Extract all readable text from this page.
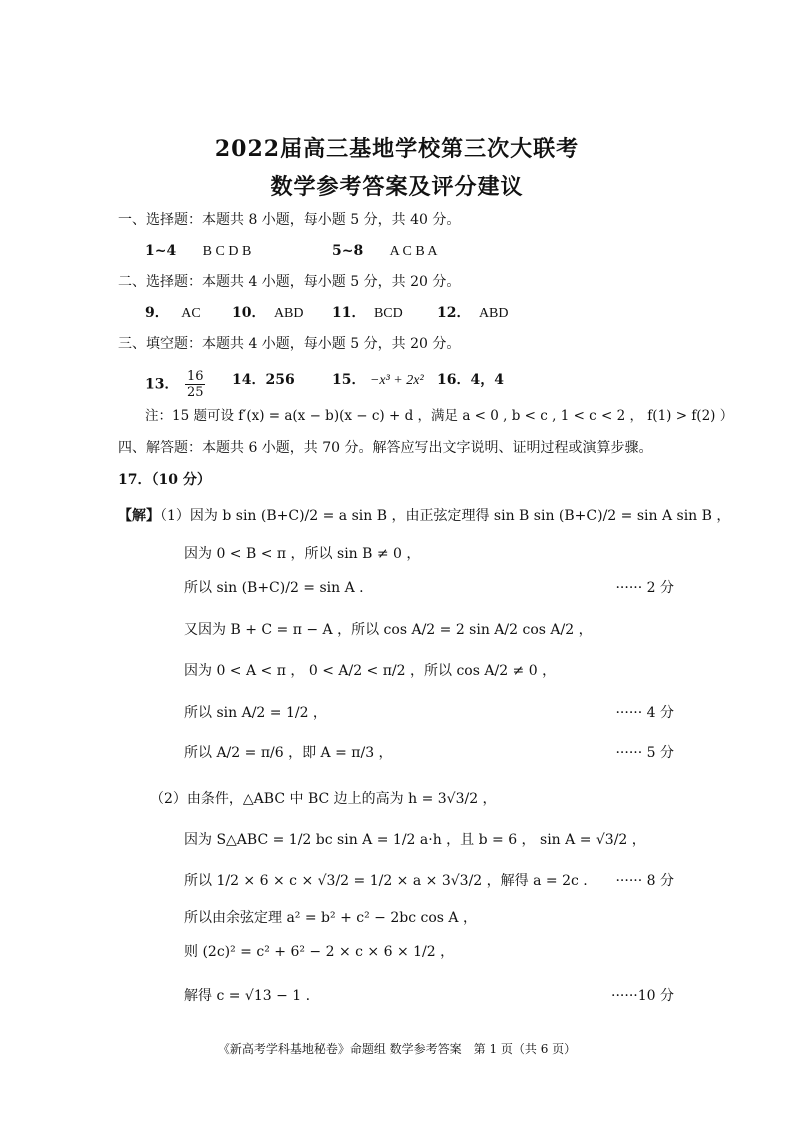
2022届高三基地学校第三次大联考
数学参考答案及评分建议
一、选择题：本题共 8 小题，每小题 5 分，共 40 分。
1~4 B C D B	5~8 A C B A
二、选择题：本题共 4 小题，每小题 5 分，共 20 分。
9． AC 10． ABD 11． BCD 12． ABD
三、填空题：本题共 4 小题，每小题 5 分，共 20 分。
13． $\frac{16}{25} 14$．256	15． −x³ + 2x² 16．4，4
注：15 题可设 f′(x) = a(x − b)(x − c) + d ，满足 a < 0 , b < c , 1 < c < 2 ， f(1) > f(2) ）
四、解答题：本题共 6 小题，共 70 分。解答应写出文字说明、证明过程或演算步骤。
17．（10 分）
【解】（1）因为 b sin (B+C)/2 = a sin B ，由正弦定理得 sin B sin (B+C)/2 = sin A sin B ，
因为 0 < B < π ，所以 sin B ≠ 0 ，
所以 sin (B+C)/2 = sin A .	······ 2 分
又因为 B + C = π − A ，所以 cos A/2 = 2 sin A/2 cos A/2 ，
因为 0 < A < π ， 0 < A/2 < π/2 ，所以 cos A/2 ≠ 0 ，
所以 sin A/2 = 1/2 ，	······ 4 分
所以 A/2 = π/6 ，即 A = π/3 ，	······ 5 分
（2）由条件，△ABC 中 BC 边上的高为 h = 3√3/2 ，
因为 S△ABC = 1/2 bc sin A = 1/2 a·h ，且 b = 6 ， sin A = √3/2 ，
所以 1/2 × 6 × c × √3/2 = 1/2 × a × 3√3/2 ，解得 a = 2c . ······ 8 分
所以由余弦定理 a² = b² + c² − 2bc cos A ，
则 (2c)² = c² + 6² − 2 × c × 6 × 1/2 ，
解得 c = √13 − 1 .	······10 分
《新高考学科基地秘卷》命题组 数学参考答案　第 1 页（共 6 页）
